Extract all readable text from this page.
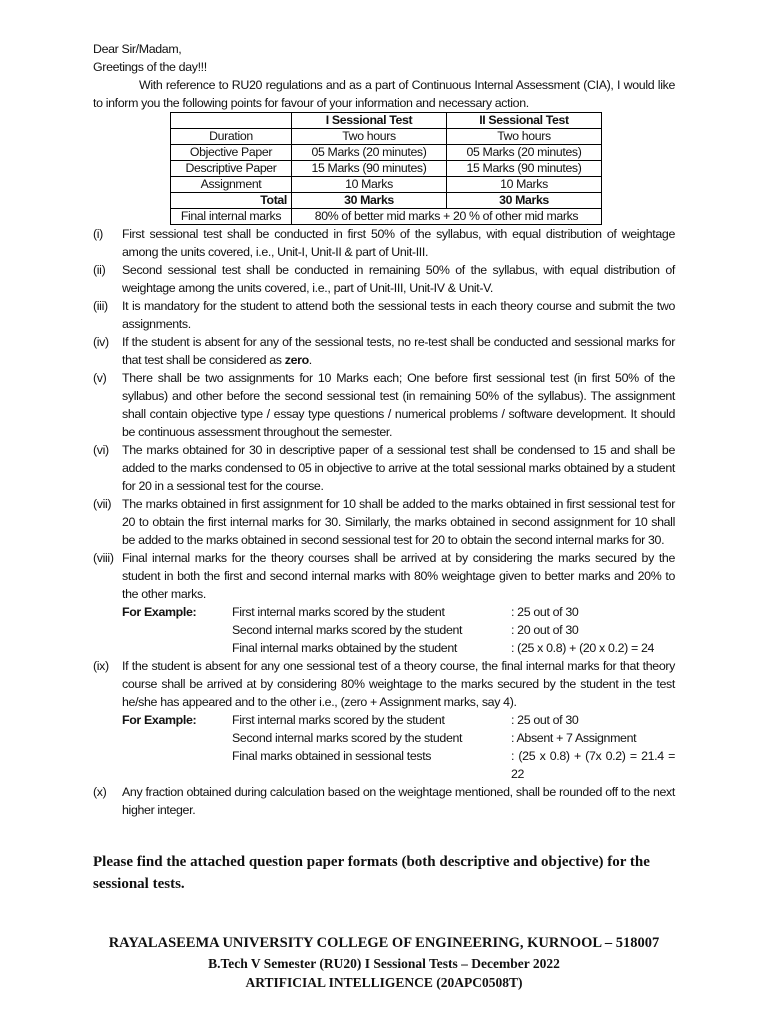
Dear Sir/Madam,

Greetings of the day!!!

With reference to RU20 regulations and as a part of Continuous Internal Assessment (CIA), I would like to inform you the following points for favour of your information and necessary action.

	I Sessional Test	II Sessional Test
Duration	Two hours	Two hours
Objective Paper	05 Marks (20 minutes)	05 Marks (20 minutes)
Descriptive Paper	15 Marks (90 minutes)	15 Marks (90 minutes)
Assignment	10 Marks	10 Marks
Total	30 Marks	30 Marks
Final internal marks	80% of better mid marks + 20 % of other mid marks	
(i) First sessional test shall be conducted in first 50% of the syllabus, with equal distribution of weightage among the units covered, i.e., Unit-I, Unit-II & part of Unit-III.
(ii) Second sessional test shall be conducted in remaining 50% of the syllabus, with equal distribution of weightage among the units covered, i.e., part of Unit-III, Unit-IV & Unit-V.
(iii) It is mandatory for the student to attend both the sessional tests in each theory course and submit the two assignments.
(iv) If the student is absent for any of the sessional tests, no re-test shall be conducted and sessional marks for that test shall be considered as zero.
(v) There shall be two assignments for 10 Marks each; One before first sessional test (in first 50% of the syllabus) and other before the second sessional test (in remaining 50% of the syllabus). The assignment shall contain objective type / essay type questions / numerical problems / software development. It should be continuous assessment throughout the semester.
(vi) The marks obtained for 30 in descriptive paper of a sessional test shall be condensed to 15 and shall be added to the marks condensed to 05 in objective to arrive at the total sessional marks obtained by a student for 20 in a sessional test for the course.
(vii) The marks obtained in first assignment for 10 shall be added to the marks obtained in first sessional test for 20 to obtain the first internal marks for 30. Similarly, the marks obtained in second assignment for 10 shall be added to the marks obtained in second sessional test for 20 to obtain the second internal marks for 30.
(viii) Final internal marks for the theory courses shall be arrived at by considering the marks secured by the student in both the first and second internal marks with 80% weightage given to better marks and 20% to the other marks.
For Example:	First internal marks scored by the student	: 25 out of 30
Second internal marks scored by the student	: 20 out of 30
Final internal marks obtained by the student	: (25 x 0.8) + (20 x 0.2) = 24
(ix) If the student is absent for any one sessional test of a theory course, the final internal marks for that theory course shall be arrived at by considering 80% weightage to the marks secured by the student in the test he/she has appeared and to the other i.e., (zero + Assignment marks, say 4).
For Example:	First internal marks scored by the student	: 25 out of 30
Second internal marks scored by the student	: Absent + 7 Assignment
Final marks obtained in sessional tests	: (25 x 0.8) + (7x 0.2) = 21.4 = 22
(x) Any fraction obtained during calculation based on the weightage mentioned, shall be rounded off to the next higher integer.
Please find the attached question paper formats (both descriptive and objective) for the sessional tests.
RAYALASEEMA UNIVERSITY COLLEGE OF ENGINEERING, KURNOOL – 518007
B.Tech V Semester (RU20) I Sessional Tests – December 2022
ARTIFICIAL INTELLIGENCE (20APC0508T)
